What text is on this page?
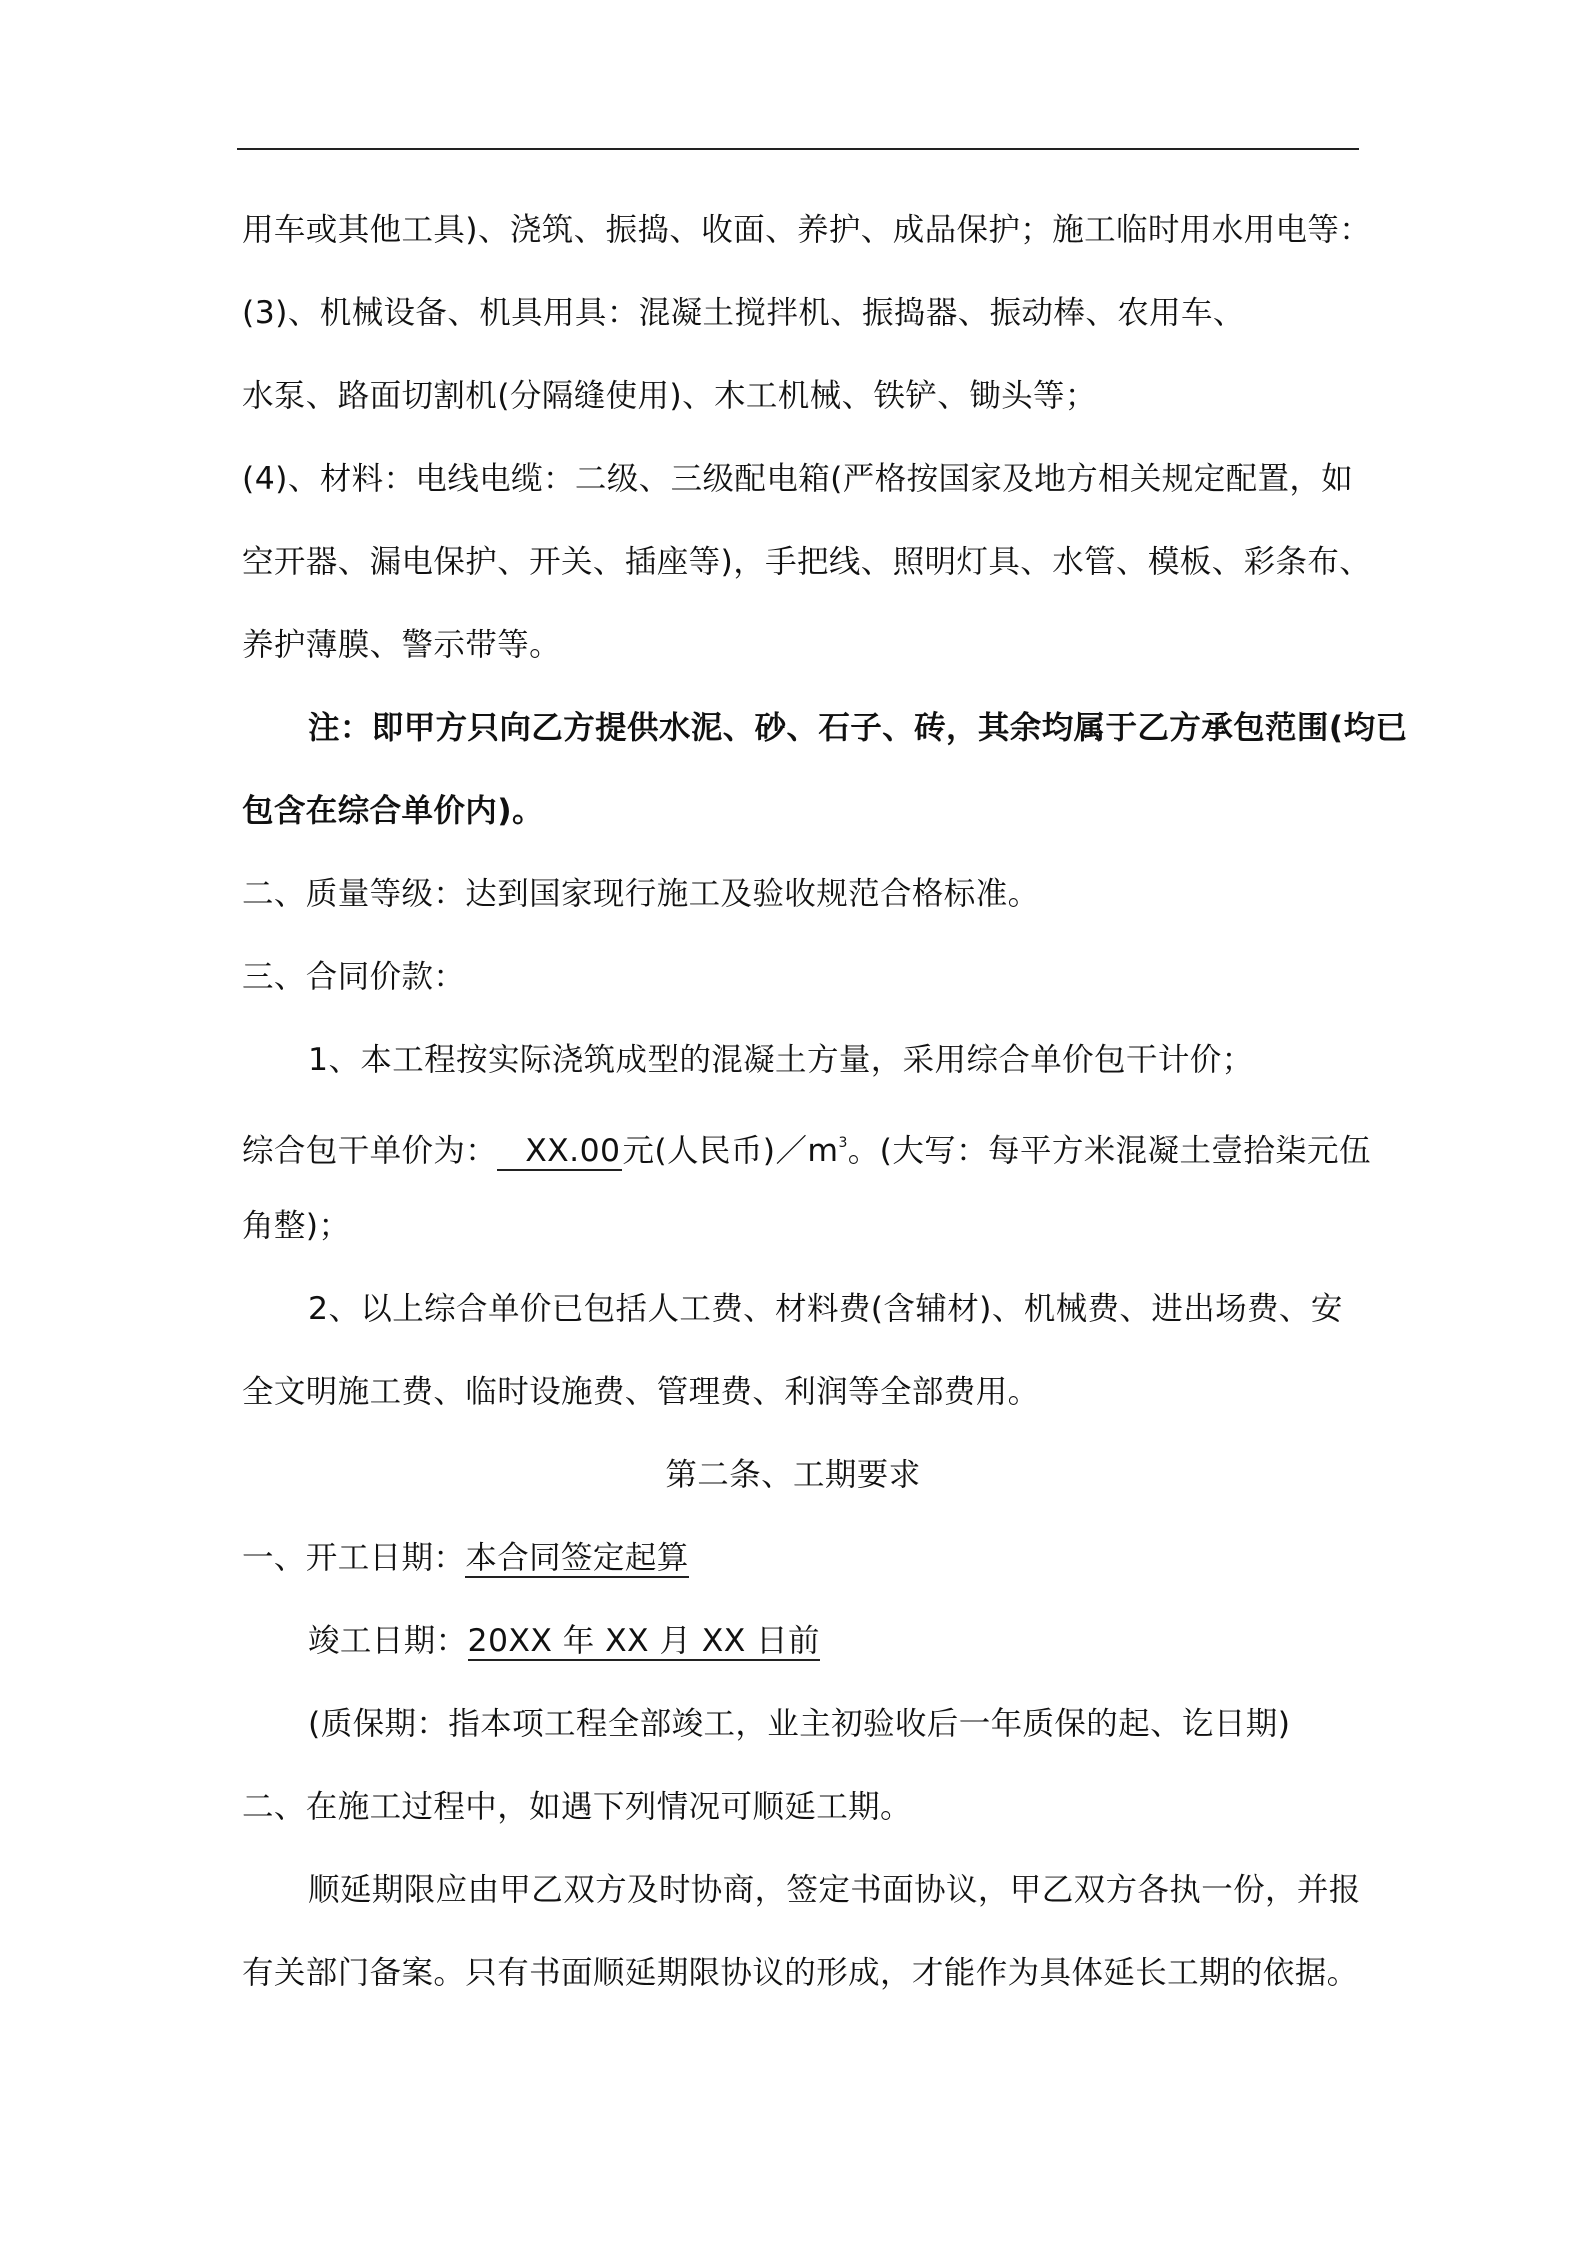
用车或其他工具)、浇筑、振捣、收面、养护、成品保护；施工临时用水用电等：
(3)、机械设备、机具用具：混凝土搅拌机、振捣器、振动棒、农用车、
水泵、路面切割机(分隔缝使用)、木工机械、铁铲、锄头等；
(4)、材料：电线电缆：二级、三级配电箱(严格按国家及地方相关规定配置，如
空开器、漏电保护、开关、插座等)，手把线、照明灯具、水管、模板、彩条布、
养护薄膜、警示带等。
注：即甲方只向乙方提供水泥、砂、石子、砖，其余均属于乙方承包范围(均已
包含在综合单价内)。
二、质量等级：达到国家现行施工及验收规范合格标准。
三、合同价款：
1、本工程按实际浇筑成型的混凝土方量，采用综合单价包干计价；
综合包干单价为： XX.00元(人民币)$/m^3$。(大写：每平方米混凝土壹拾柒元伍
角整)；
2、以上综合单价已包括人工费、材料费(含辅材)、机械费、进出场费、安
全文明施工费、临时设施费、管理费、利润等全部费用。
第二条、工期要求
一、开工日期：本合同签定起算
竣工日期：20XX 年 XX 月 XX 日前
(质保期：指本项工程全部竣工，业主初验收后一年质保的起、讫日期)
二、在施工过程中，如遇下列情况可顺延工期。
顺延期限应由甲乙双方及时协商，签定书面协议，甲乙双方各执一份，并报
有关部门备案。只有书面顺延期限协议的形成，才能作为具体延长工期的依据。
